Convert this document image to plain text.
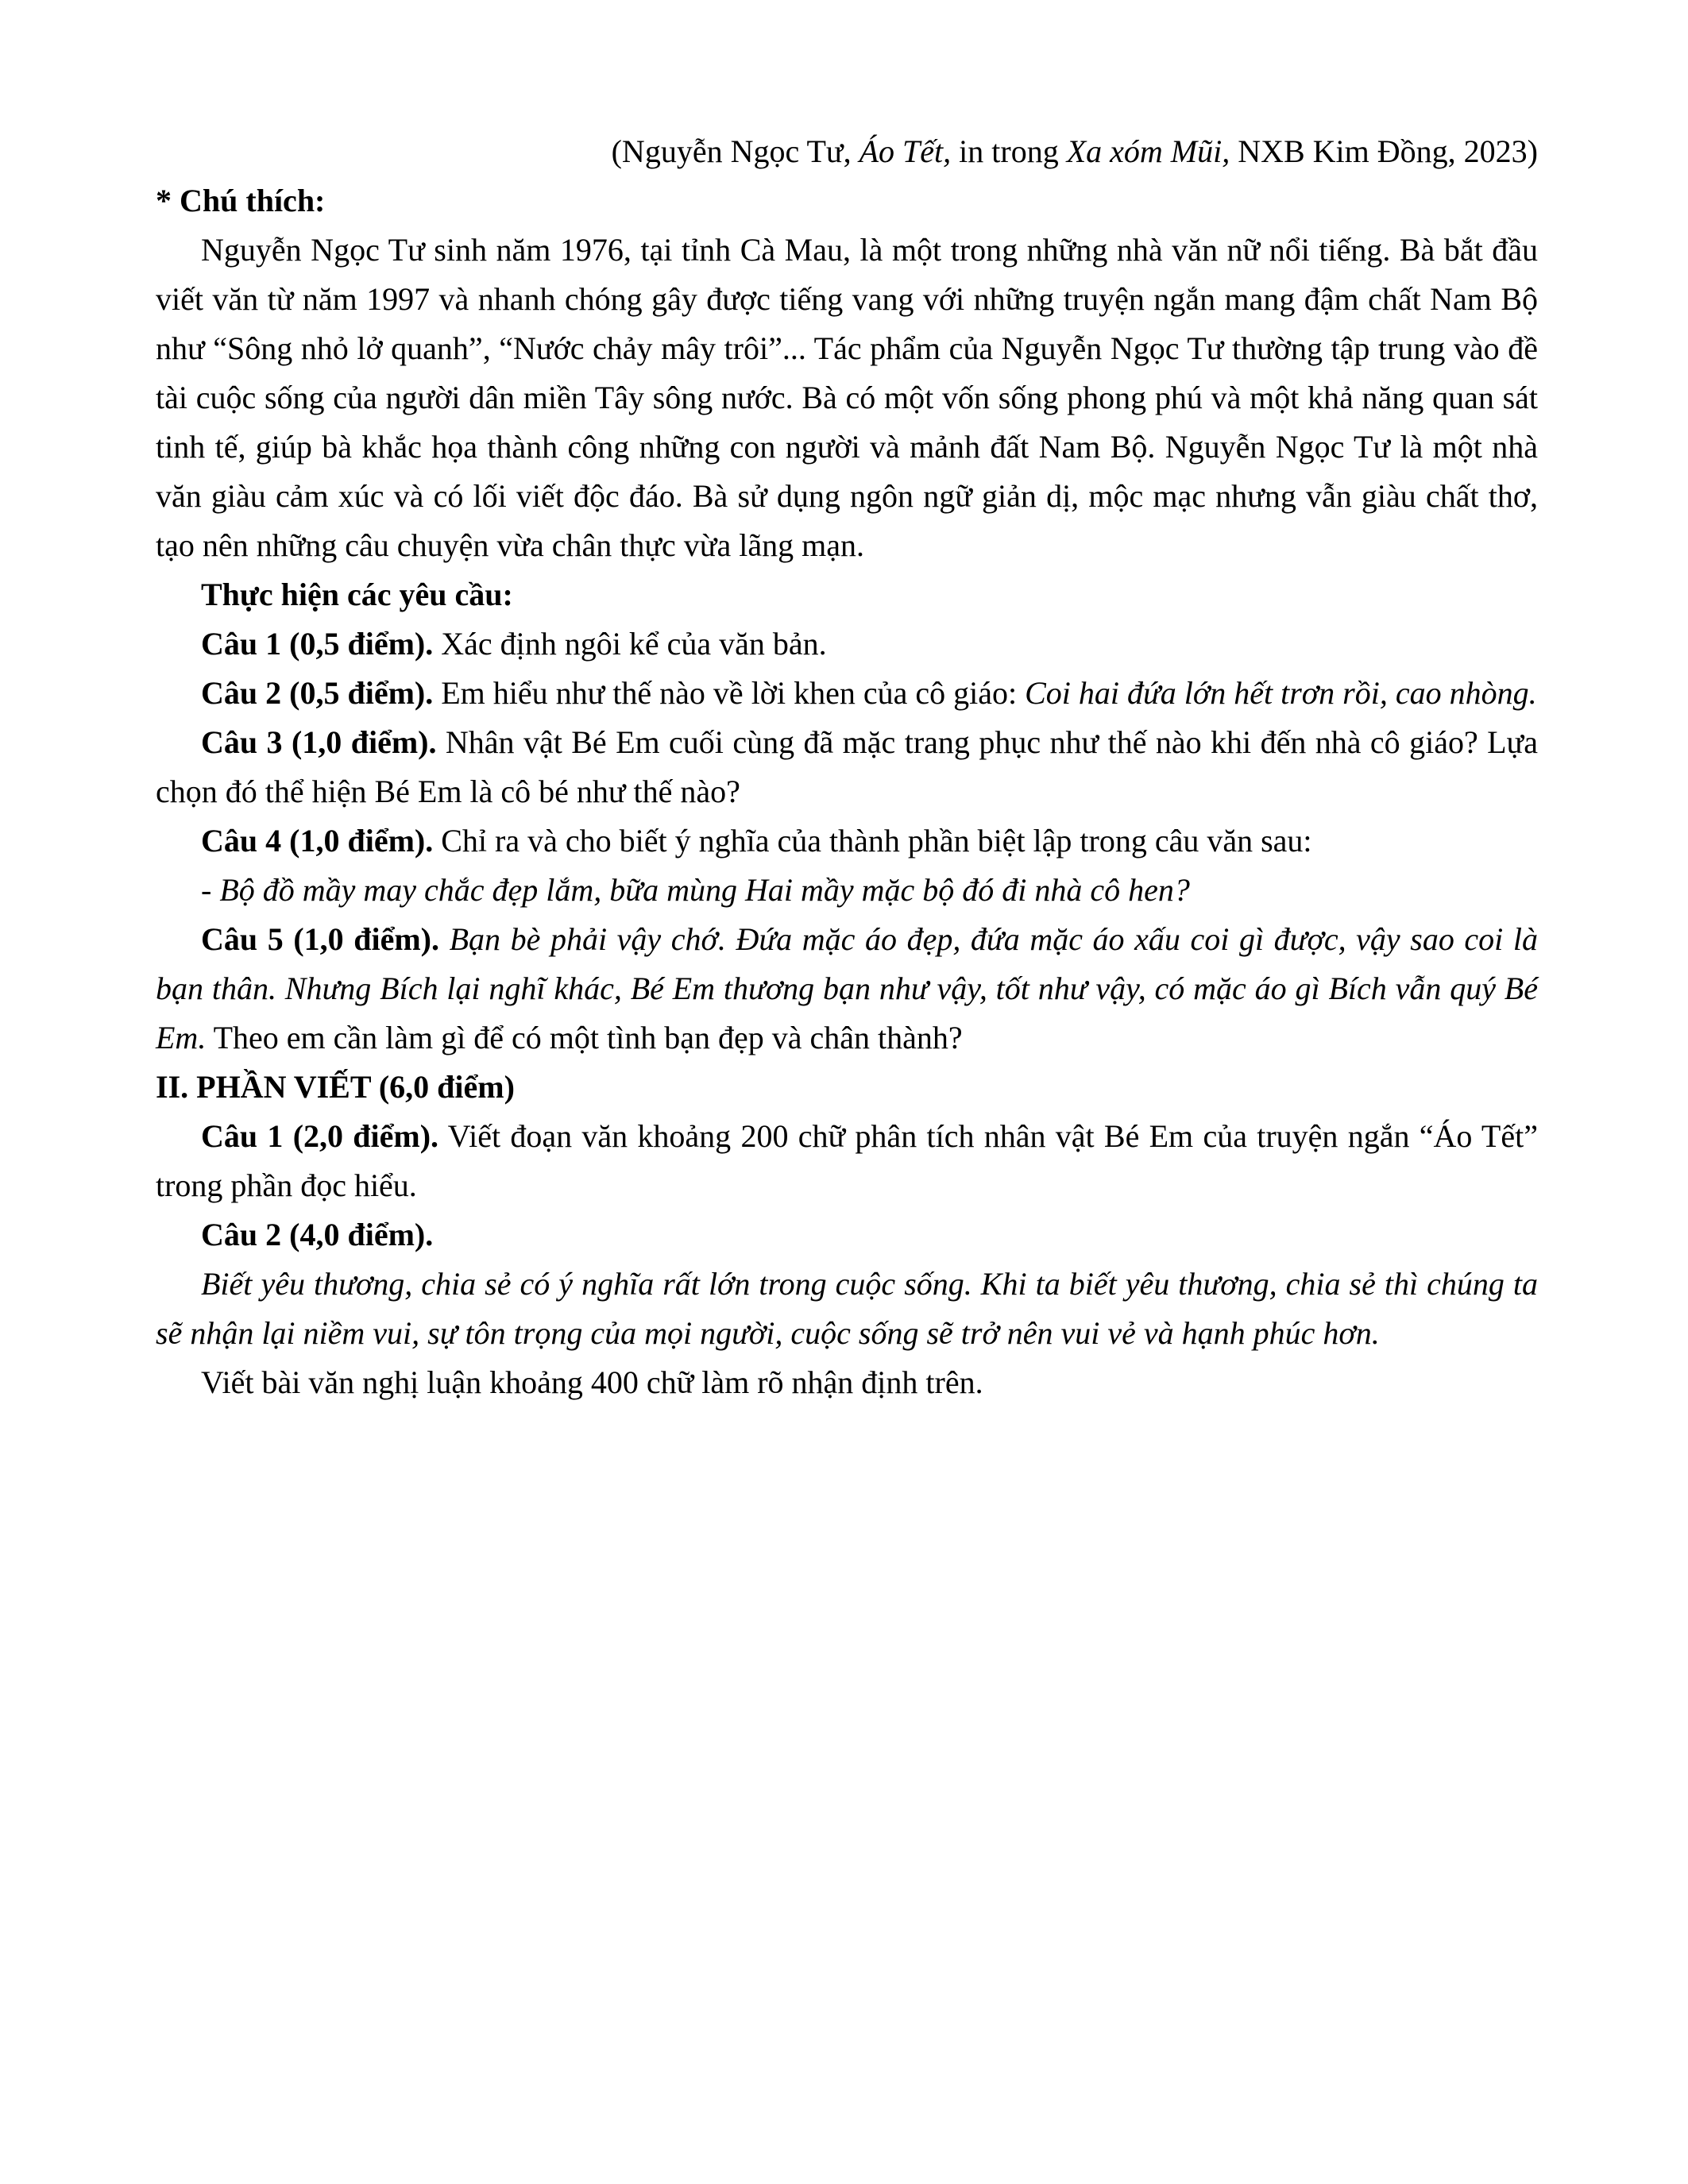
(Nguyễn Ngọc Tư, Áo Tết, in trong Xa xóm Mũi, NXB Kim Đồng, 2023)

* Chú thích:

Nguyễn Ngọc Tư sinh năm 1976, tại tỉnh Cà Mau, là một trong những nhà văn nữ nổi tiếng. Bà bắt đầu viết văn từ năm 1997 và nhanh chóng gây được tiếng vang với những truyện ngắn mang đậm chất Nam Bộ như “Sông nhỏ lở quanh”, “Nước chảy mây trôi”... Tác phẩm của Nguyễn Ngọc Tư thường tập trung vào đề tài cuộc sống của người dân miền Tây sông nước. Bà có một vốn sống phong phú và một khả năng quan sát tinh tế, giúp bà khắc họa thành công những con người và mảnh đất Nam Bộ. Nguyễn Ngọc Tư là một nhà văn giàu cảm xúc và có lối viết độc đáo. Bà sử dụng ngôn ngữ giản dị, mộc mạc nhưng vẫn giàu chất thơ, tạo nên những câu chuyện vừa chân thực vừa lãng mạn.

Thực hiện các yêu cầu:

Câu 1 (0,5 điểm). Xác định ngôi kể của văn bản.

Câu 2 (0,5 điểm). Em hiểu như thế nào về lời khen của cô giáo: Coi hai đứa lớn hết trơn rồi, cao nhòng.

Câu 3 (1,0 điểm). Nhân vật Bé Em cuối cùng đã mặc trang phục như thế nào khi đến nhà cô giáo? Lựa chọn đó thể hiện Bé Em là cô bé như thế nào?

Câu 4 (1,0 điểm). Chỉ ra và cho biết ý nghĩa của thành phần biệt lập trong câu văn sau:

- Bộ đồ mầy may chắc đẹp lắm, bữa mùng Hai mầy mặc bộ đó đi nhà cô hen?

Câu 5 (1,0 điểm). Bạn bè phải vậy chớ. Đứa mặc áo đẹp, đứa mặc áo xấu coi gì được, vậy sao coi là bạn thân. Nhưng Bích lại nghĩ khác, Bé Em thương bạn như vậy, tốt như vậy, có mặc áo gì Bích vẫn quý Bé Em. Theo em cần làm gì để có một tình bạn đẹp và chân thành?

II. PHẦN VIẾT (6,0 điểm)

Câu 1 (2,0 điểm). Viết đoạn văn khoảng 200 chữ phân tích nhân vật Bé Em của truyện ngắn “Áo Tết” trong phần đọc hiểu.

Câu 2 (4,0 điểm).

Biết yêu thương, chia sẻ có ý nghĩa rất lớn trong cuộc sống. Khi ta biết yêu thương, chia sẻ thì chúng ta sẽ nhận lại niềm vui, sự tôn trọng của mọi người, cuộc sống sẽ trở nên vui vẻ và hạnh phúc hơn.

Viết bài văn nghị luận khoảng 400 chữ làm rõ nhận định trên.
